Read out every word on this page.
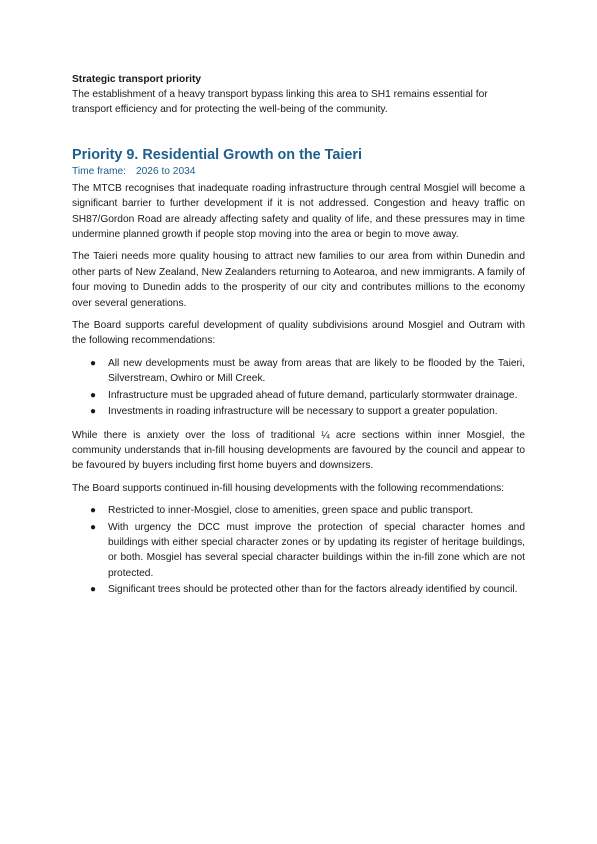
Strategic transport priority

The establishment of a heavy transport bypass linking this area to SH1 remains essential for transport efficiency and for protecting the well-being of the community.

Priority 9. Residential Growth on the Taieri
Time frame: 2026 to 2034

The MTCB recognises that inadequate roading infrastructure through central Mosgiel will become a significant barrier to further development if it is not addressed. Congestion and heavy traffic on SH87/Gordon Road are already affecting safety and quality of life, and these pressures may in time undermine planned growth if people stop moving into the area or begin to move away.

The Taieri needs more quality housing to attract new families to our area from within Dunedin and other parts of New Zealand, New Zealanders returning to Aotearoa, and new immigrants. A family of four moving to Dunedin adds to the prosperity of our city and contributes millions to the economy over several generations.

The Board supports careful development of quality subdivisions around Mosgiel and Outram with the following recommendations:

● All new developments must be away from areas that are likely to be flooded by the Taieri, Silverstream, Owhiro or Mill Creek.
● Infrastructure must be upgraded ahead of future demand, particularly stormwater drainage.
● Investments in roading infrastructure will be necessary to support a greater population.

While there is anxiety over the loss of traditional ¼ acre sections within inner Mosgiel, the community understands that in-fill housing developments are favoured by the council and appear to be favoured by buyers including first home buyers and downsizers.

The Board supports continued in-fill housing developments with the following recommendations:

● Restricted to inner-Mosgiel, close to amenities, green space and public transport.
● With urgency the DCC must improve the protection of special character homes and buildings with either special character zones or by updating its register of heritage buildings, or both. Mosgiel has several special character buildings within the in-fill zone which are not protected.
● Significant trees should be protected other than for the factors already identified by council.
